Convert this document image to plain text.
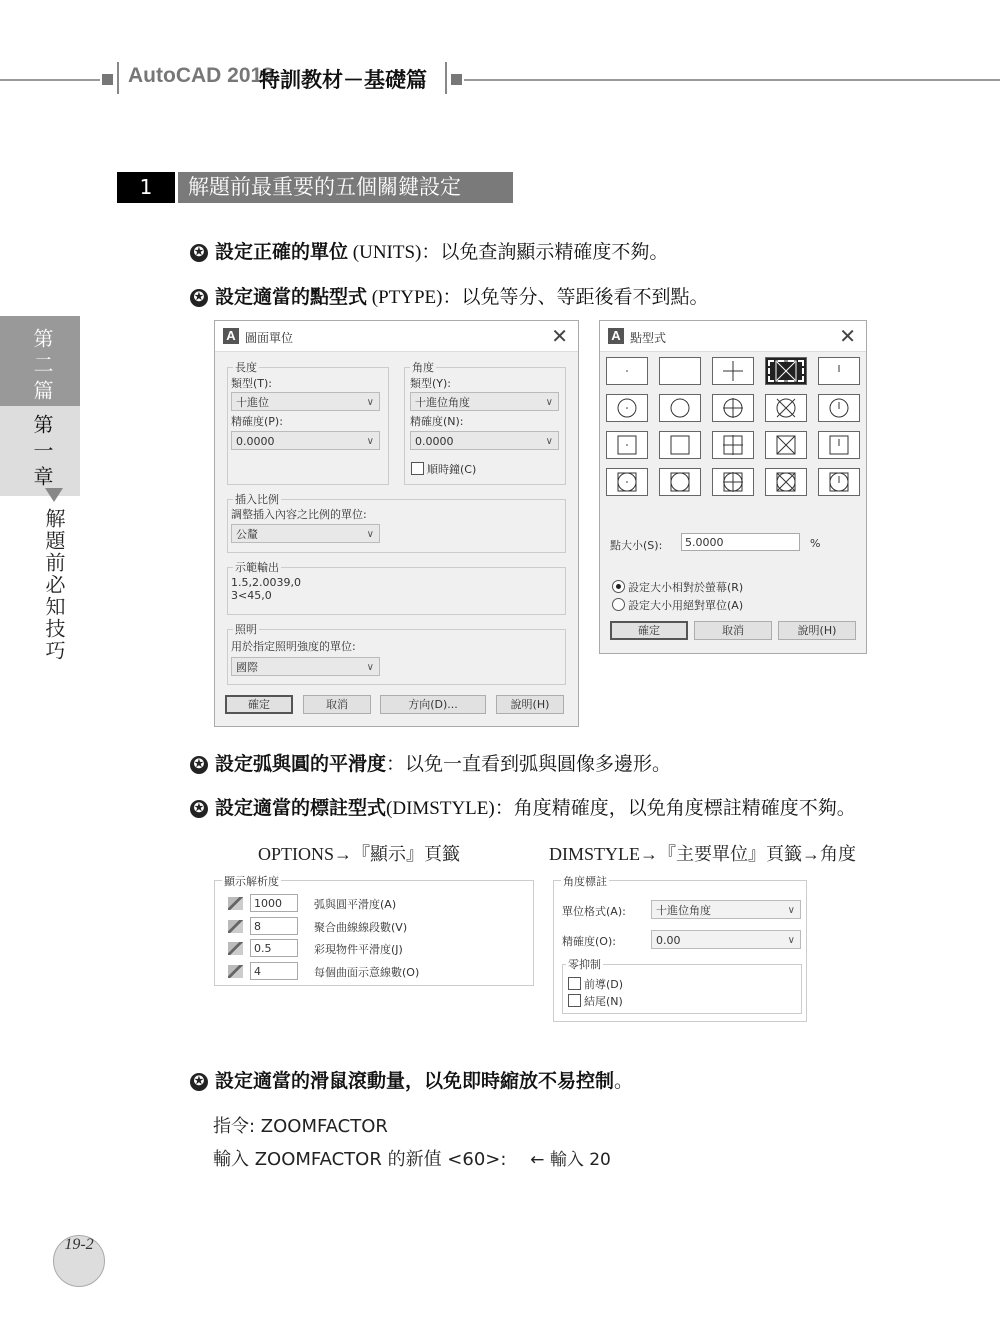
AutoCAD 2018
特訓教材－基礎篇
第二篇
第一章
解題前必知技巧
1	解題前最重要的五個關鍵設定
✪ 設定正確的單位 (UNITS)：以免查詢顯示精確度不夠。
✪ 設定適當的點型式 (PTYPE)：以免等分、等距後看不到點。
A 圖面單位	✕
長度
類型(T):
十進位	∨
精確度(P):
0.0000	∨
角度
類型(Y):
十進位角度	∨
精確度(N):
0.0000	∨
順時鐘(C)
插入比例
調整插入內容之比例的單位:
公釐	∨
示範輸出
1.5,2.0039,0
3<45,0
照明
用於指定照明強度的單位:
國際	∨
確定	取消	方向(D)...	說明(H)
A 點型式	✕
點大小(S):	5.0000	%
設定大小相對於螢幕(R)
設定大小用絕對單位(A)
確定	取消	說明(H)
✪ 設定弧與圓的平滑度：以免一直看到弧與圓像多邊形。
✪ 設定適當的標註型式(DIMSTYLE)：角度精確度，以免角度標註精確度不夠。
OPTIONS→『顯示』頁籤	DIMSTYLE→『主要單位』頁籤→角度
顯示解析度
1000	弧與圓平滑度(A)
8	聚合曲線線段數(V)
0.5	彩現物件平滑度(J)
4	每個曲面示意線數(O)
角度標註
單位格式(A):	十進位角度	∨
精確度(O):	0.00	∨
零抑制
前導(D)
結尾(N)
✪ 設定適當的滑鼠滾動量，以免即時縮放不易控制。
指令: ZOOMFACTOR
輸入 ZOOMFACTOR 的新值 <60>: ← 輸入 20
19-2
